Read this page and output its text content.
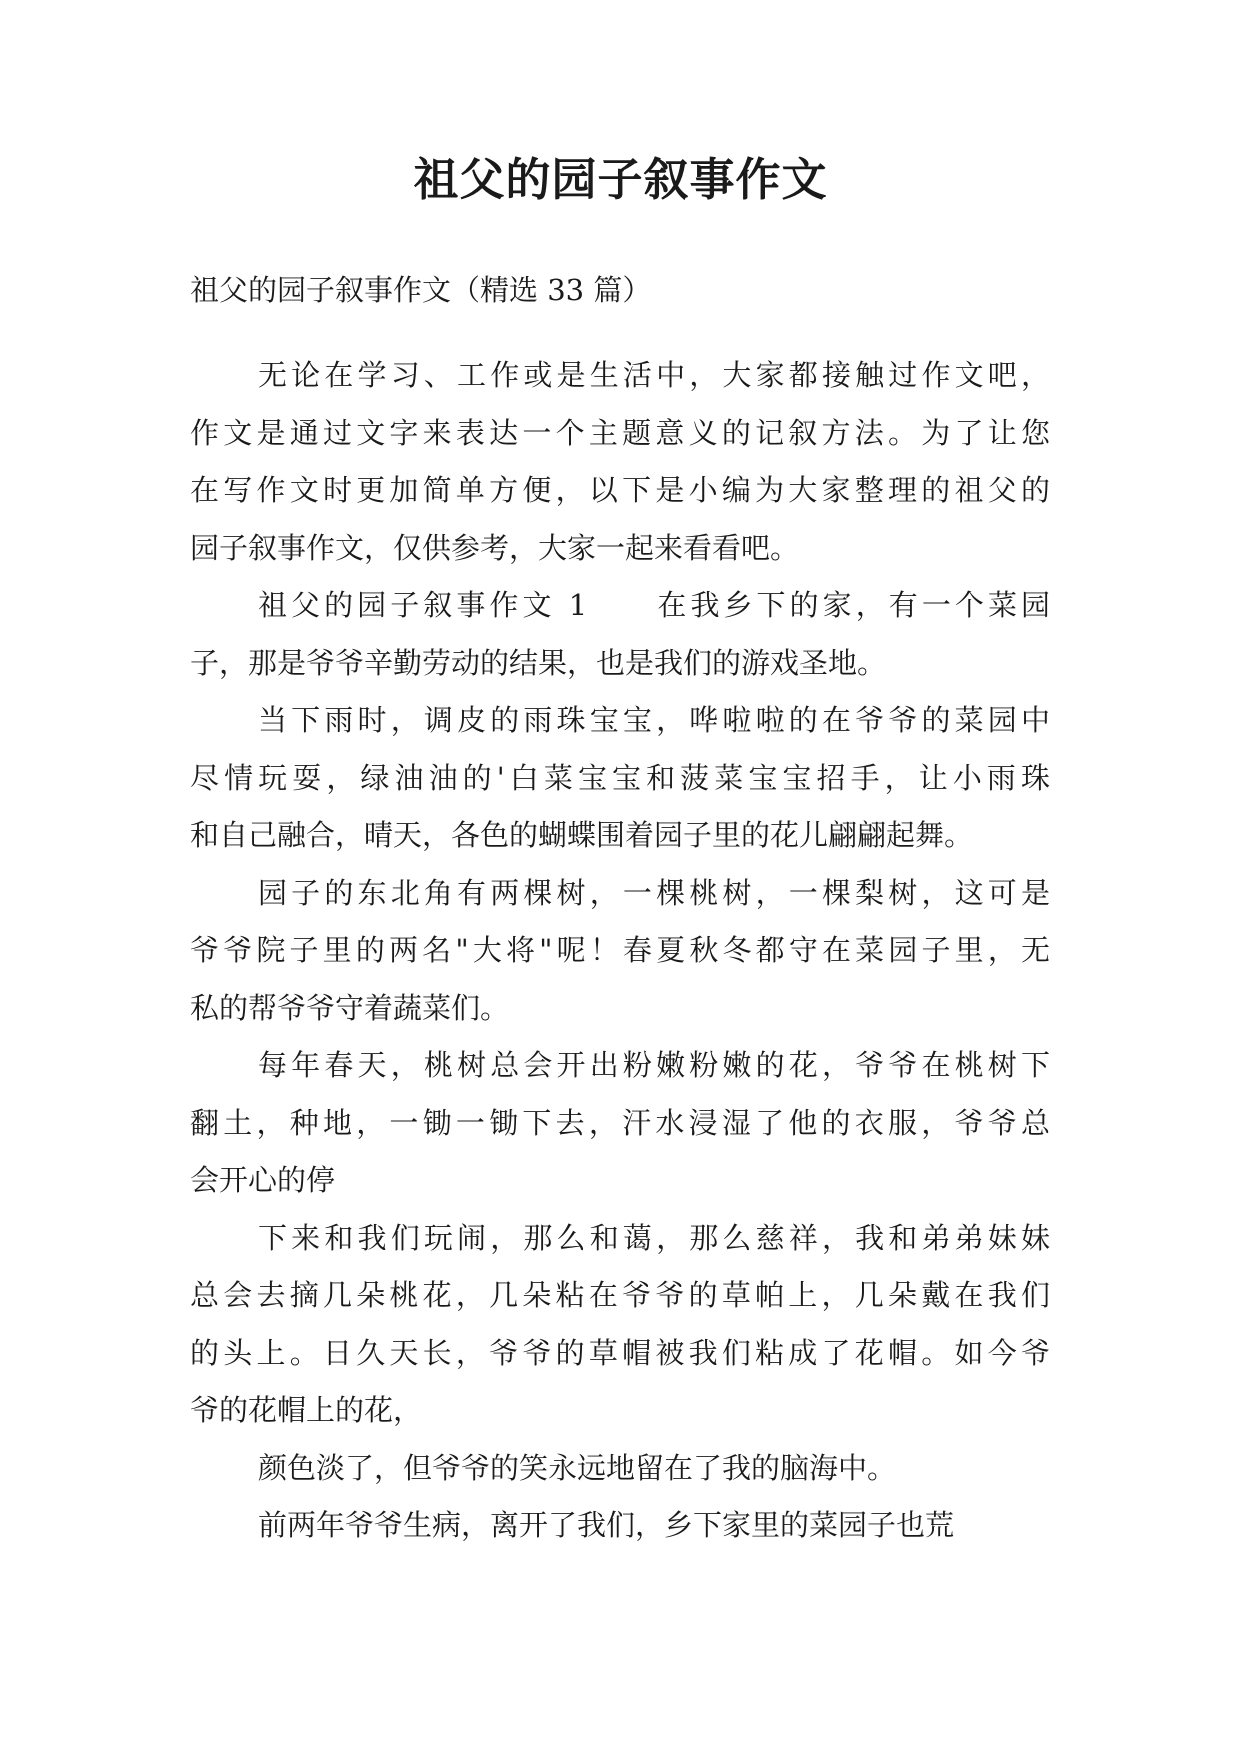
祖父的园子叙事作文
祖父的园子叙事作文（精选 33 篇）

无论在学习、工作或是生活中，大家都接触过作文吧，
作文是通过文字来表达一个主题意义的记叙方法。为了让您
在写作文时更加简单方便，以下是小编为大家整理的祖父的
园子叙事作文，仅供参考，大家一起来看看吧。

祖父的园子叙事作文 1　　在我乡下的家，有一个菜园
子，那是爷爷辛勤劳动的结果，也是我们的游戏圣地。

当下雨时，调皮的雨珠宝宝，哗啦啦的在爷爷的菜园中
尽情玩耍，绿油油的'白菜宝宝和菠菜宝宝招手，让小雨珠
和自己融合，晴天，各色的蝴蝶围着园子里的花儿翩翩起舞。

园子的东北角有两棵树，一棵桃树，一棵梨树，这可是
爷爷院子里的两名"大将"呢！春夏秋冬都守在菜园子里，无
私的帮爷爷守着蔬菜们。

每年春天，桃树总会开出粉嫩粉嫩的花，爷爷在桃树下
翻土，种地，一锄一锄下去，汗水浸湿了他的衣服，爷爷总
会开心的停

下来和我们玩闹，那么和蔼，那么慈祥，我和弟弟妹妹
总会去摘几朵桃花，几朵粘在爷爷的草帕上，几朵戴在我们
的头上。日久天长，爷爷的草帽被我们粘成了花帽。如今爷
爷的花帽上的花，

颜色淡了，但爷爷的笑永远地留在了我的脑海中。

前两年爷爷生病，离开了我们，乡下家里的菜园子也荒
